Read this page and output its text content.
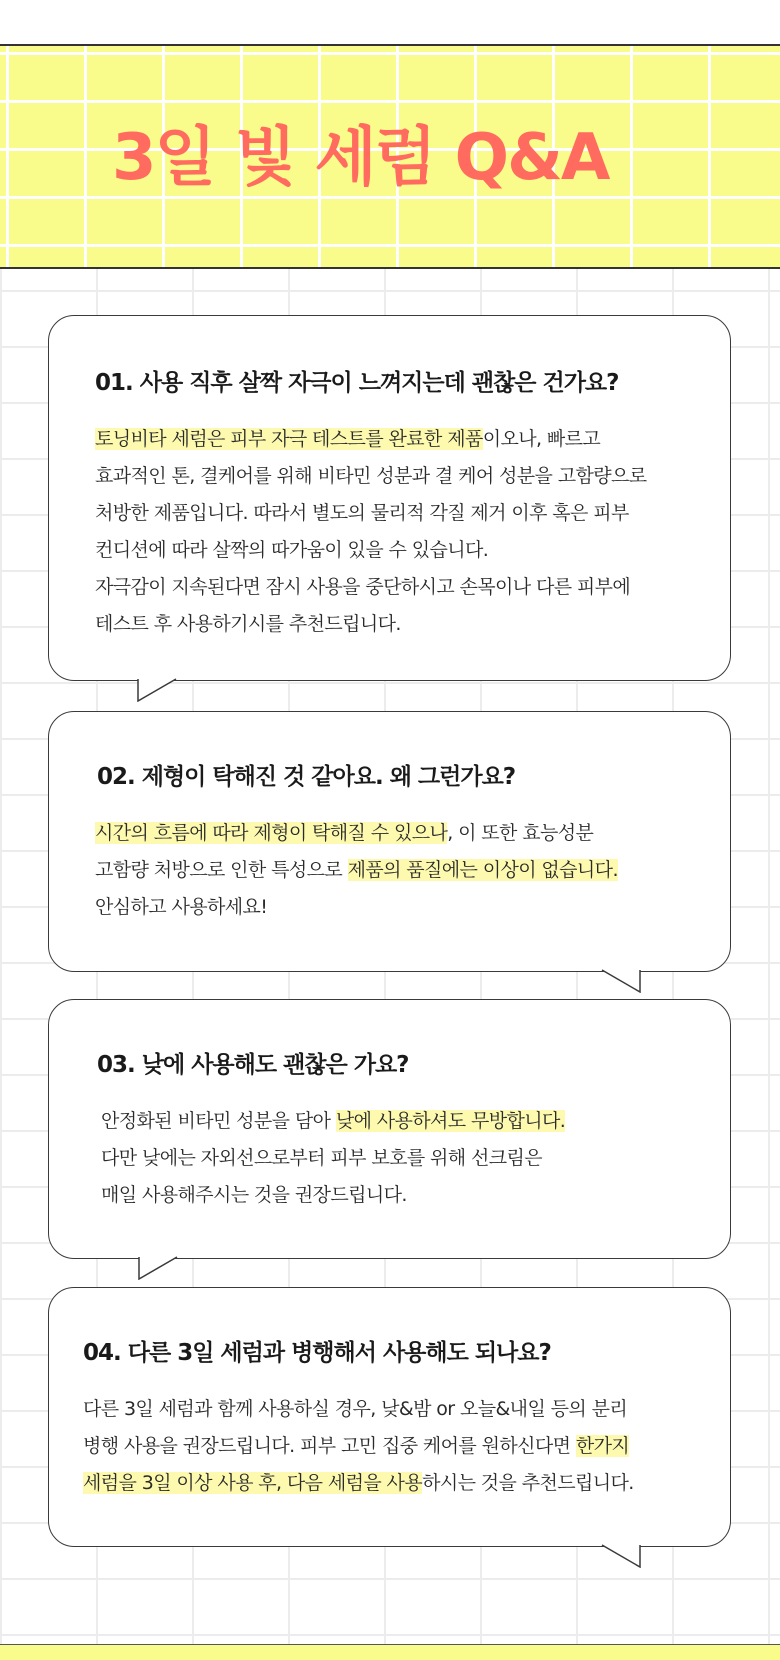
3일 빛 세럼 Q&A
01. 사용 직후 살짝 자극이 느껴지는데 괜찮은 건가요?
토닝비타 세럼은 피부 자극 테스트를 완료한 제품이오나, 빠르고
효과적인 톤, 결케어를 위해 비타민 성분과 결 케어 성분을 고함량으로
처방한 제품입니다. 따라서 별도의 물리적 각질 제거 이후 혹은 피부
컨디션에 따라 살짝의 따가움이 있을 수 있습니다.
자극감이 지속된다면 잠시 사용을 중단하시고 손목이나 다른 피부에
테스트 후 사용하기시를 추천드립니다.
02. 제형이 탁해진 것 같아요. 왜 그런가요?
시간의 흐름에 따라 제형이 탁해질 수 있으나, 이 또한 효능성분
고함량 처방으로 인한 특성으로 제품의 품질에는 이상이 없습니다.
안심하고 사용하세요!
03. 낮에 사용해도 괜찮은 가요?
안정화된 비타민 성분을 담아 낮에 사용하셔도 무방합니다.
다만 낮에는 자외선으로부터 피부 보호를 위해 선크림은
매일 사용해주시는 것을 권장드립니다.
04. 다른 3일 세럼과 병행해서 사용해도 되나요?
다른 3일 세럼과 함께 사용하실 경우, 낮&밤 or 오늘&내일 등의 분리
병행 사용을 권장드립니다. 피부 고민 집중 케어를 원하신다면 한가지
세럼을 3일 이상 사용 후, 다음 세럼을 사용하시는 것을 추천드립니다.
